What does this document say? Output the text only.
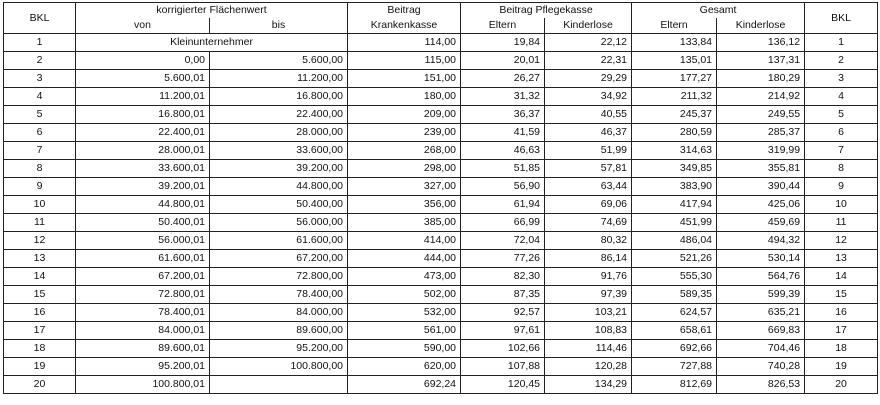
BKL	korrigierter Flächenwert		Beitrag	Beitrag Pflegekasse		Gesamt		BKL
	von	bis	Krankenkasse	Eltern	Kinderlose	Eltern	Kinderlose	
1	Kleinunternehmer		114,00	19,84	22,12	133,84	136,12	1
2	0,00	5.600,00	115,00	20,01	22,31	135,01	137,31	2
3	5.600,01	11.200,00	151,00	26,27	29,29	177,27	180,29	3
4	11.200,01	16.800,00	180,00	31,32	34,92	211,32	214,92	4
5	16.800,01	22.400,00	209,00	36,37	40,55	245,37	249,55	5
6	22.400,01	28.000,00	239,00	41,59	46,37	280,59	285,37	6
7	28.000,01	33.600,00	268,00	46,63	51,99	314,63	319,99	7
8	33.600,01	39.200,00	298,00	51,85	57,81	349,85	355,81	8
9	39.200,01	44.800,00	327,00	56,90	63,44	383,90	390,44	9
10	44.800,01	50.400,00	356,00	61,94	69,06	417,94	425,06	10
11	50.400,01	56.000,00	385,00	66,99	74,69	451,99	459,69	11
12	56.000,01	61.600,00	414,00	72,04	80,32	486,04	494,32	12
13	61.600,01	67.200,00	444,00	77,26	86,14	521,26	530,14	13
14	67.200,01	72.800,00	473,00	82,30	91,76	555,30	564,76	14
15	72.800,01	78.400,00	502,00	87,35	97,39	589,35	599,39	15
16	78.400,01	84.000,00	532,00	92,57	103,21	624,57	635,21	16
17	84.000,01	89.600,00	561,00	97,61	108,83	658,61	669,83	17
18	89.600,01	95.200,00	590,00	102,66	114,46	692,66	704,46	18
19	95.200,01	100.800,00	620,00	107,88	120,28	727,88	740,28	19
20	100.800,01		692,24	120,45	134,29	812,69	826,53	20
